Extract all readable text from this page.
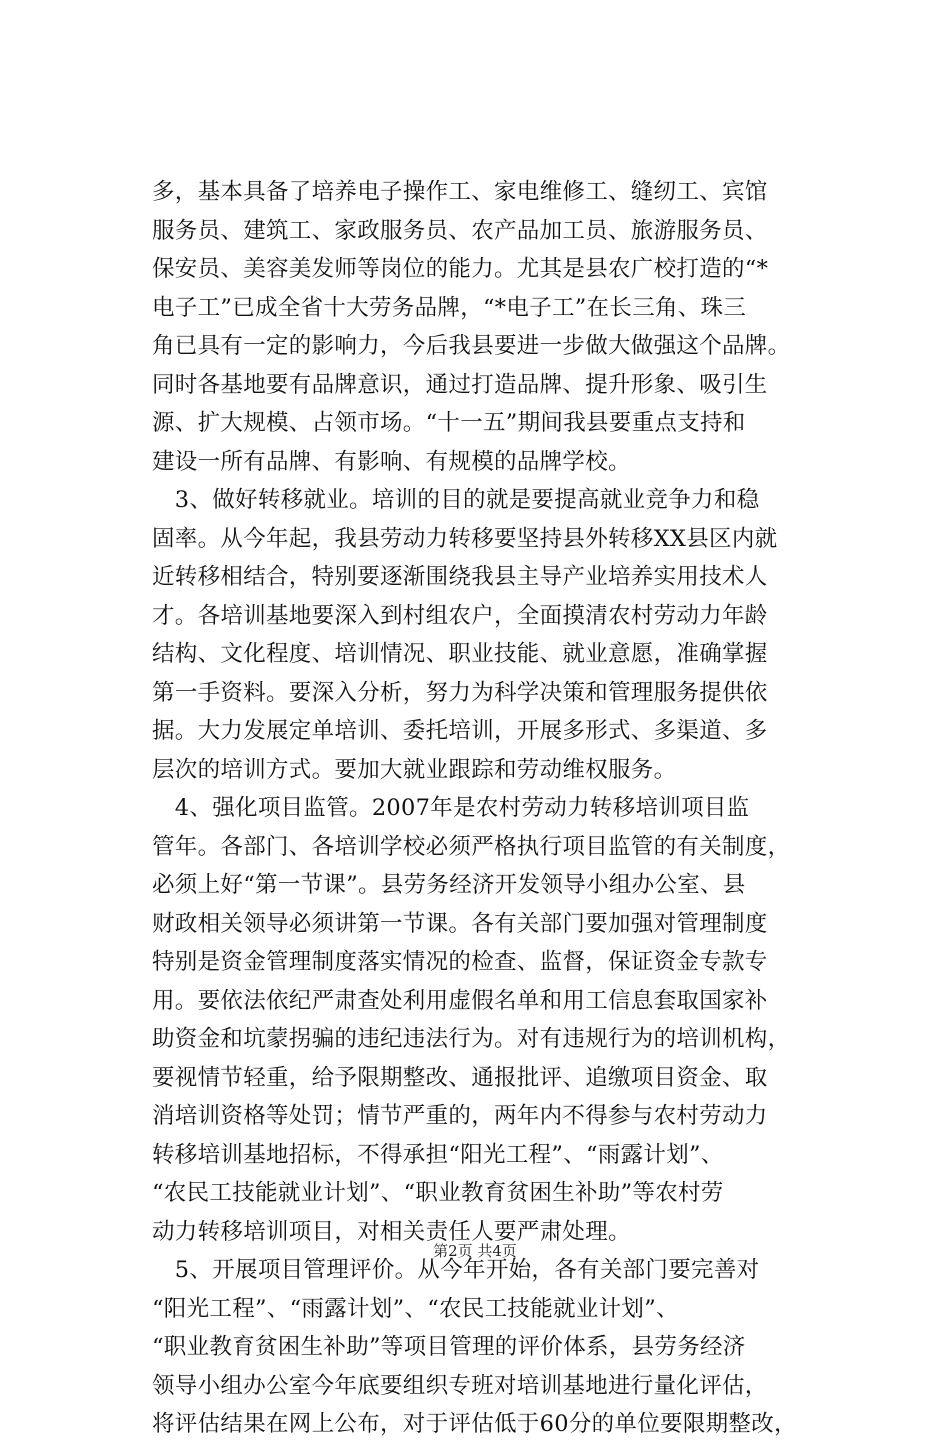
多，基本具备了培养电子操作工、家电维修工、缝纫工、宾馆
服务员、建筑工、家政服务员、农产品加工员、旅游服务员、
保安员、美容美发师等岗位的能力。尤其是县农广校打造的“*
电子工”已成全省十大劳务品牌，“*电子工”在长三角、珠三
角已具有一定的影响力，今后我县要进一步做大做强这个品牌。
同时各基地要有品牌意识，通过打造品牌、提升形象、吸引生
源、扩大规模、占领市场。“十一五”期间我县要重点支持和
建设一所有品牌、有影响、有规模的品牌学校。
　3、做好转移就业。培训的目的就是要提高就业竞争力和稳
固率。从今年起，我县劳动力转移要坚持县外转移XX县区内就
近转移相结合，特别要逐渐围绕我县主导产业培养实用技术人
才。各培训基地要深入到村组农户，全面摸清农村劳动力年龄
结构、文化程度、培训情况、职业技能、就业意愿，准确掌握
第一手资料。要深入分析，努力为科学决策和管理服务提供依
据。大力发展定单培训、委托培训，开展多形式、多渠道、多
层次的培训方式。要加大就业跟踪和劳动维权服务。
　4、强化项目监管。2007年是农村劳动力转移培训项目监
管年。各部门、各培训学校必须严格执行项目监管的有关制度，
必须上好“第一节课”。县劳务经济开发领导小组办公室、县
财政相关领导必须讲第一节课。各有关部门要加强对管理制度
特别是资金管理制度落实情况的检查、监督，保证资金专款专
用。要依法依纪严肃查处利用虚假名单和用工信息套取国家补
助资金和坑蒙拐骗的违纪违法行为。对有违规行为的培训机构，
要视情节轻重，给予限期整改、通报批评、追缴项目资金、取
消培训资格等处罚；情节严重的，两年内不得参与农村劳动力
转移培训基地招标，不得承担“阳光工程”、“雨露计划”、
“农民工技能就业计划”、“职业教育贫困生补助”等农村劳
动力转移培训项目，对相关责任人要严肃处理。
　5、开展项目管理评价。从今年开始，各有关部门要完善对
“阳光工程”、“雨露计划”、“农民工技能就业计划”、
“职业教育贫困生补助”等项目管理的评价体系，县劳务经济
领导小组办公室今年底要组织专班对培训基地进行量化评估，
将评估结果在网上公布，对于评估低于60分的单位要限期整改，
第2页 共4页
